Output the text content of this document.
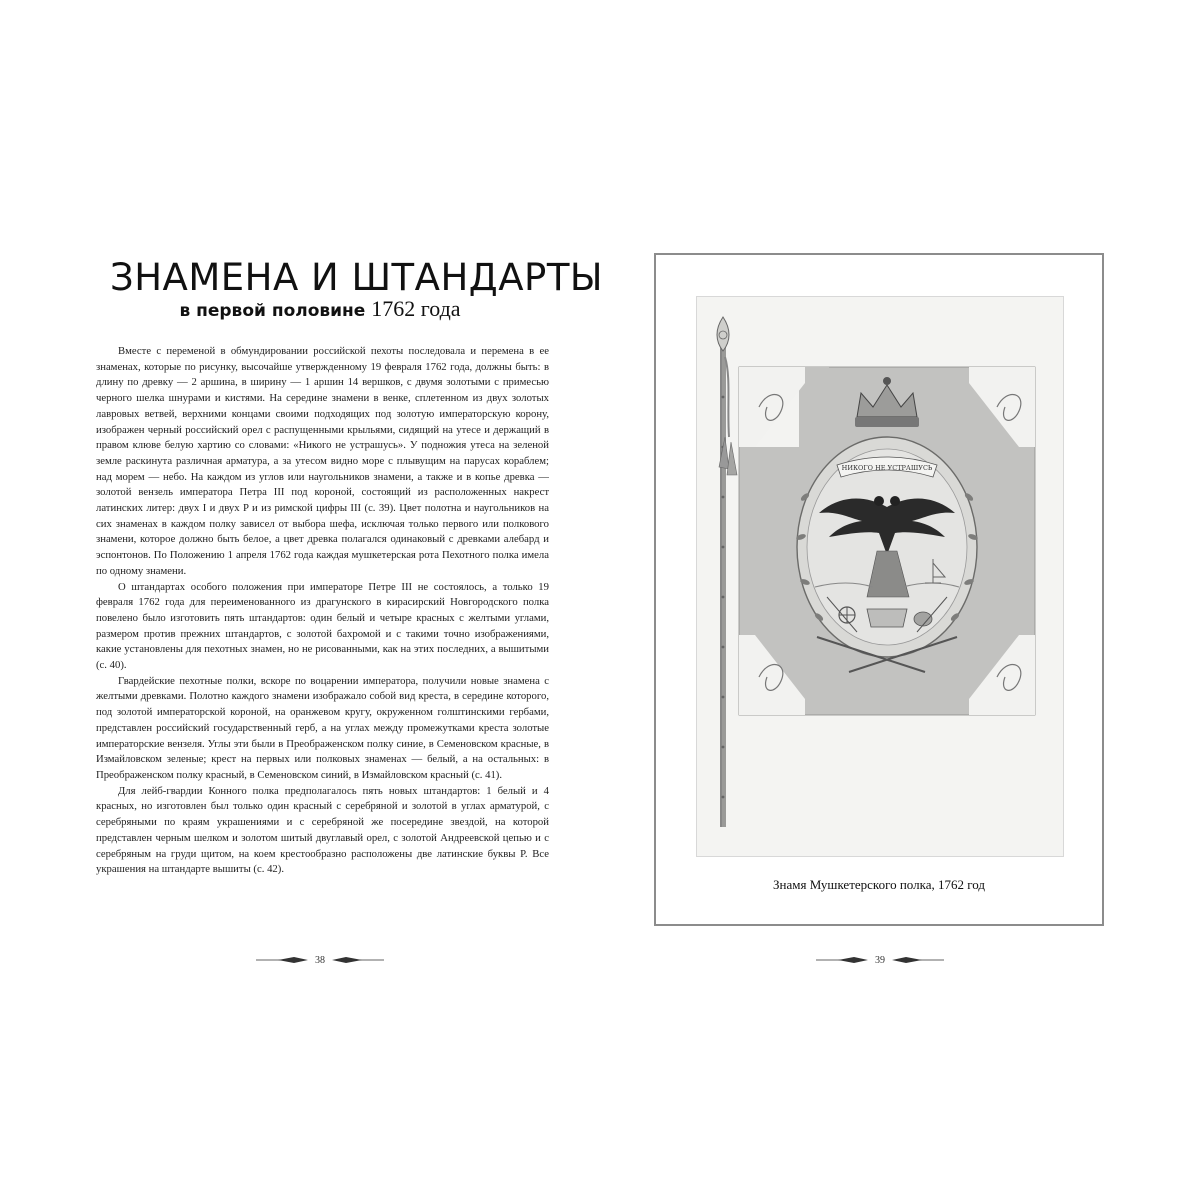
ЗНАМЕНА И ШТАНДАРТЫ
в первой половине 1762 года

Вместе с переменой в обмундировании российской пехоты последовала и перемена в ее знаменах, которые по рисунку, высочайше утвержденному 19 февраля 1762 года, должны быть: в длину по древку — 2 аршина, в ширину — 1 аршин 14 вершков, с двумя золотыми с примесью черного шелка шнурами и кистями. На середине знамени в венке, сплетенном из двух золотых лавровых ветвей, верхними концами своими подходящих под золотую императорскую корону, изображен черный российский орел с распущенными крыльями, сидящий на утесе и держащий в правом клюве белую хартию со словами: «Никого не устрашусь». У подножия утеса на зеленой земле раскинута различная арматура, а за утесом видно море с плывущим на парусах кораблем; над морем — небо. На каждом из углов или наугольников знамени, а также и в копье древка — золотой вензель императора Петра III под короной, состоящий из расположенных накрест латинских литер: двух I и двух P и из римской цифры III (с. 39). Цвет полотна и наугольников на сих знаменах в каждом полку зависел от выбора шефа, исключая только первого или полкового знамени, которое должно быть белое, а цвет древка полагался одинаковый с древками алебард и эспонтонов. По Положению 1 апреля 1762 года каждая мушкетерская рота Пехотного полка имела по одному знамени.

О штандартах особого положения при императоре Петре III не состоялось, а только 19 февраля 1762 года для переименованного из драгунского в кирасирский Новгородского полка повелено было изготовить пять штандартов: один белый и четыре красных с желтыми углами, размером против прежних штандартов, с золотой бахромой и с такими точно изображениями, какие установлены для пехотных знамен, но не рисованными, как на этих последних, а вышитыми (с. 40).

Гвардейские пехотные полки, вскоре по воцарении императора, получили новые знамена с желтыми древками. Полотно каждого знамени изображало собой вид креста, в середине которого, под золотой императорской короной, на оранжевом кругу, окруженном голштинскими гербами, представлен российский государственный герб, а на углах между промежутками креста золотые императорские вензеля. Углы эти были в Преображенском полку синие, в Семеновском красные, в Измайловском зеленые; крест на первых или полковых знаменах — белый, а на остальных: в Преображенском полку красный, в Семеновском синий, в Измайловском красный (с. 41).

Для лейб-гвардии Конного полка предполагалось пять новых штандартов: 1 белый и 4 красных, но изготовлен был только один красный с серебряной и золотой в углах арматурой, с серебряными по краям украшениями и с серебряной же посередине звездой, на которой представлен черным шелком и золотом шитый двуглавый орел, с золотой Андреевской цепью и с серебряным на груди щитом, на коем крестообразно расположены две латинские буквы P. Все украшения на штандарте вышиты (с. 42).

38	39
НИКОГО НЕ УСТРАШУСЬ
Знамя Мушкетерского полка, 1762 год
